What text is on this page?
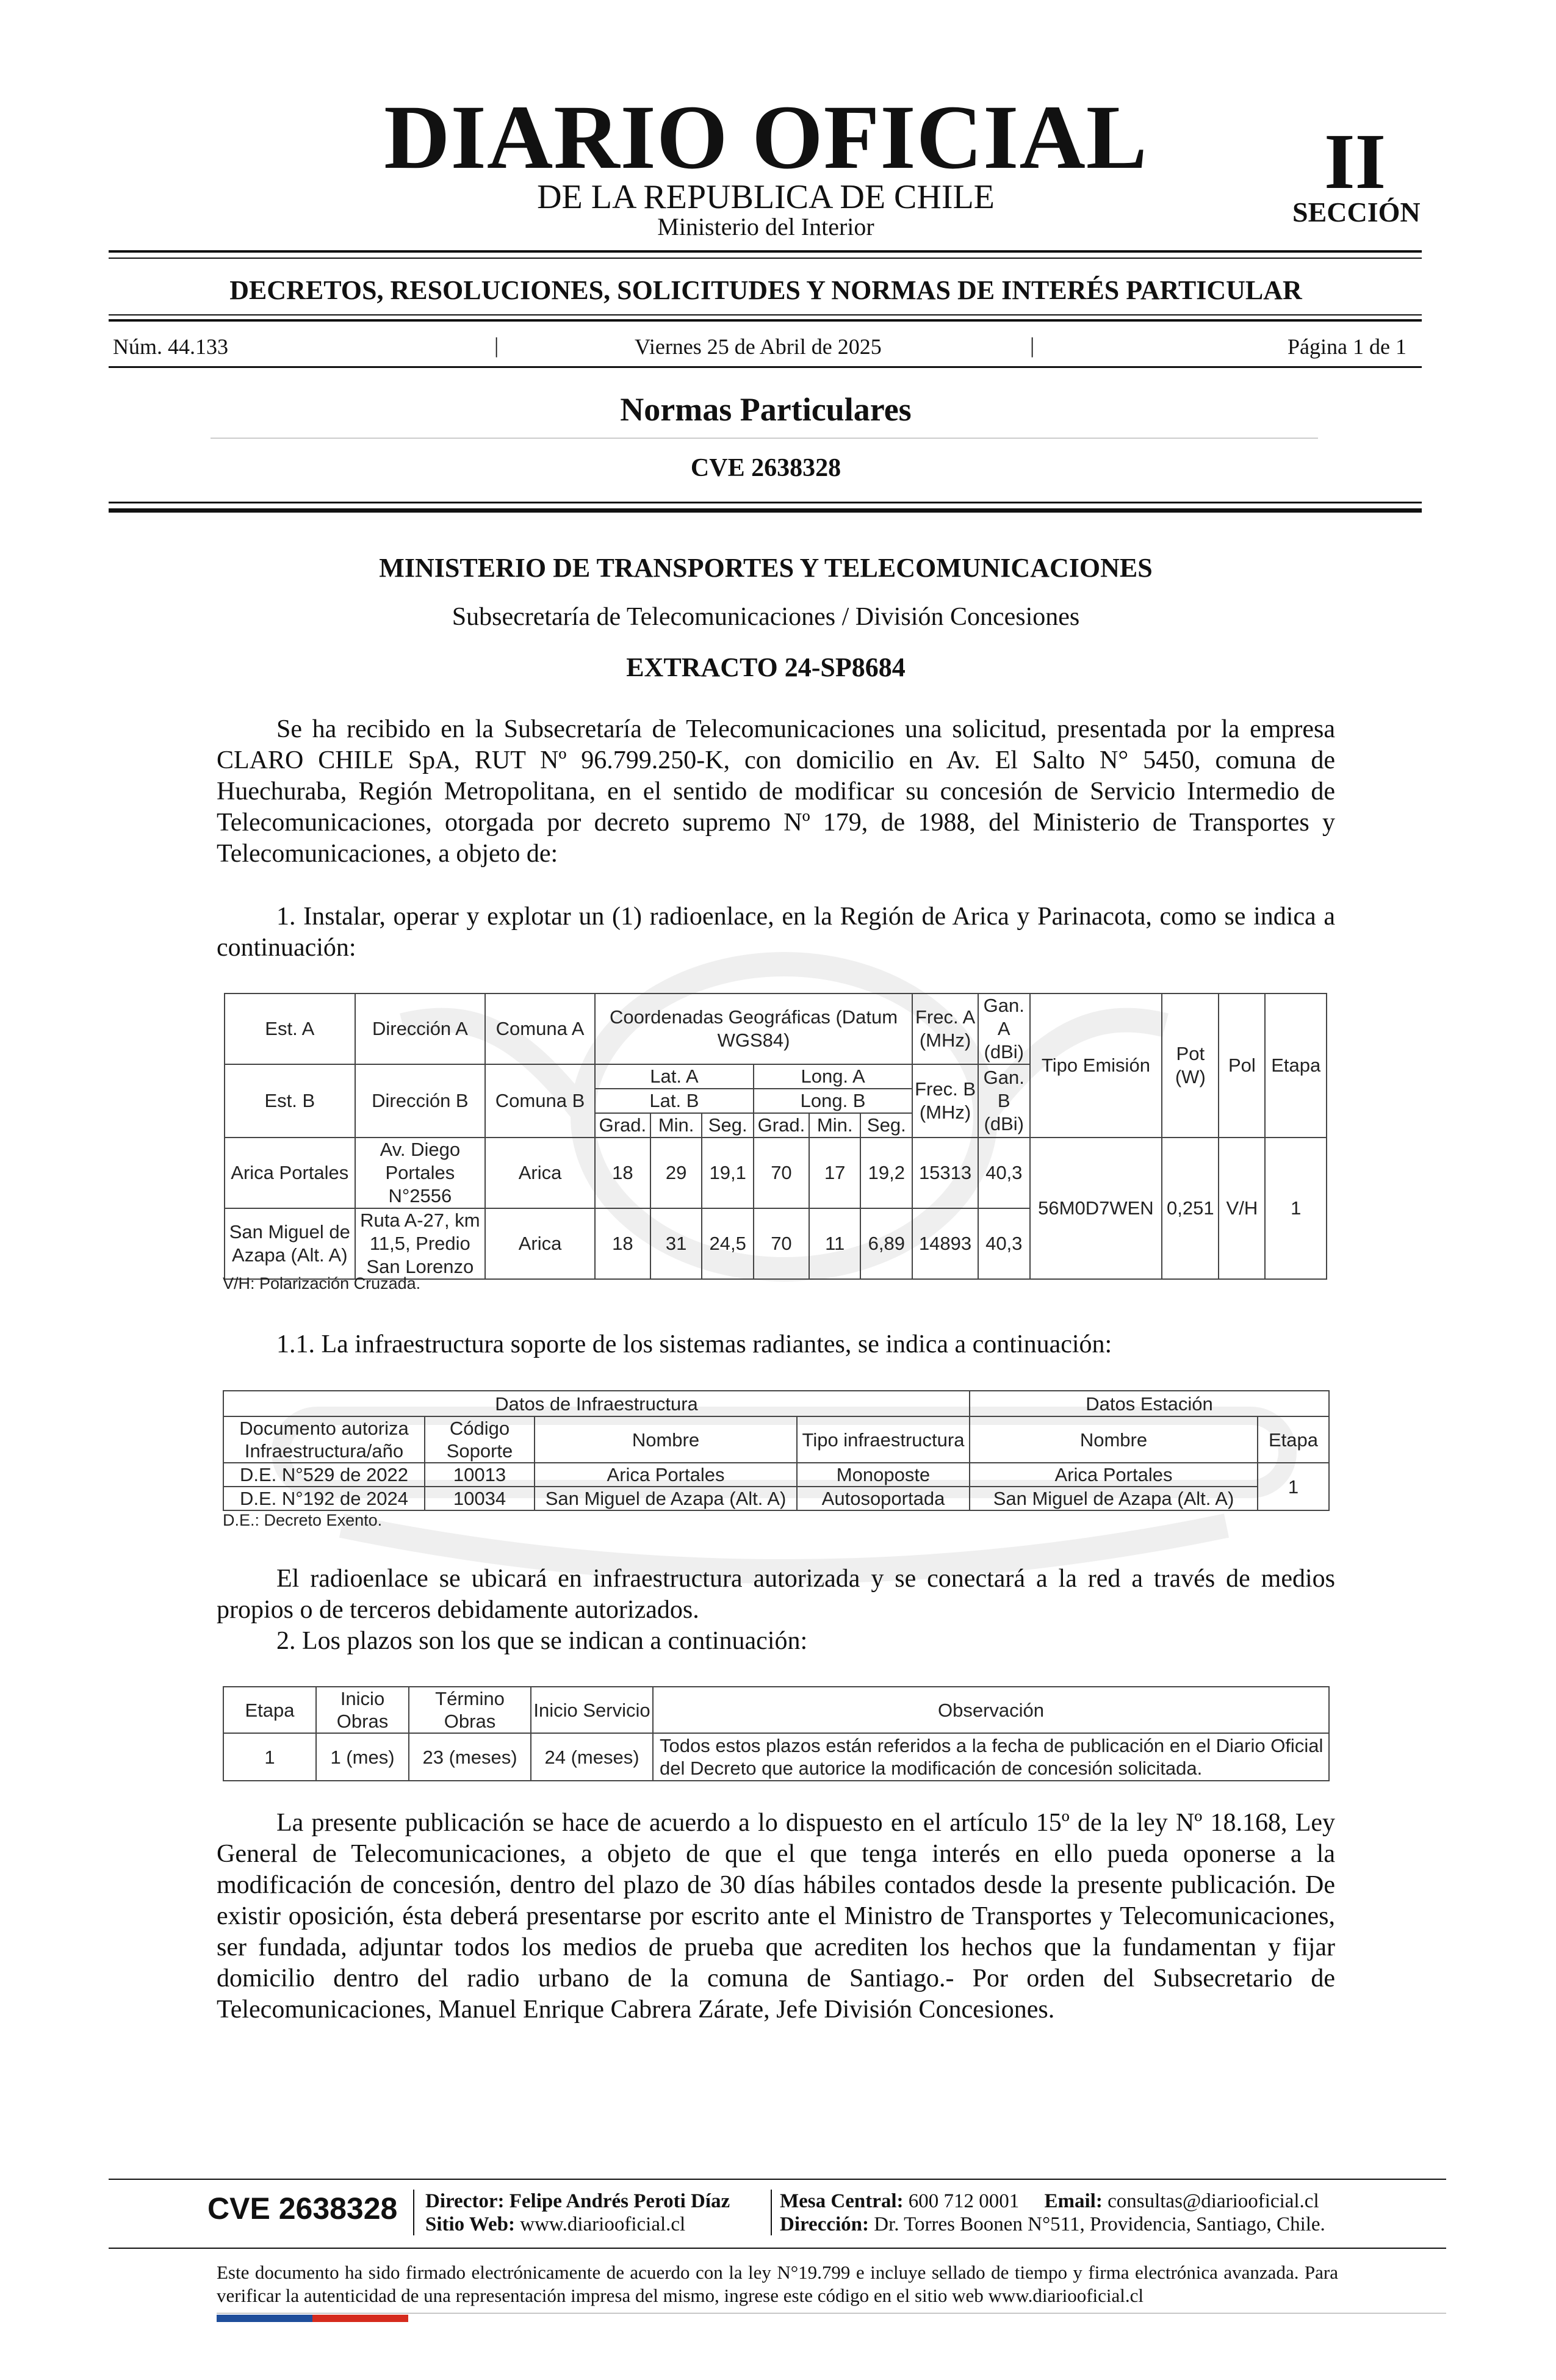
DIARIO OFICIAL
DE LA REPUBLICA DE CHILE
Ministerio del Interior
II
SECCIÓN
DECRETOS, RESOLUCIONES, SOLICITUDES Y NORMAS DE INTERÉS PARTICULAR
Núm. 44.133	|	Viernes 25 de Abril de 2025	|	Página 1 de 1
Normas Particulares
CVE 2638328
MINISTERIO DE TRANSPORTES Y TELECOMUNICACIONES
Subsecretaría de Telecomunicaciones / División Concesiones
EXTRACTO 24-SP8684
Se ha recibido en la Subsecretaría de Telecomunicaciones una solicitud, presentada por la empresa CLARO CHILE SpA, RUT Nº 96.799.250-K, con domicilio en Av. El Salto N° 5450, comuna de Huechuraba, Región Metropolitana, en el sentido de modificar su concesión de Servicio Intermedio de Telecomunicaciones, otorgada por decreto supremo Nº 179, de 1988, del Ministerio de Transportes y Telecomunicaciones, a objeto de:
1. Instalar, operar y explotar un (1) radioenlace, en la Región de Arica y Parinacota, como se indica a continuación:
Est. A	Dirección A	Comuna A	Coordenadas Geográficas (Datum WGS84)						Frec. A (MHz)	Gan. A (dBi)	Tipo Emisión	Pot (W)	Pol	Etapa
Est. B	Dirección B	Comuna B	Lat. A			Long. A			Frec. B (MHz)	Gan. B (dBi)				
			Lat. B			Long. B								
			Grad.	Min.	Seg.	Grad.	Min.	Seg.						
Arica Portales	Av. Diego Portales N°2556	Arica	18	29	19,1	70	17	19,2	15313	40,3	56M0D7WEN	0,251	V/H	1
San Miguel de Azapa (Alt. A)	Ruta A-27, km 11,5, Predio San Lorenzo	Arica	18	31	24,5	70	11	6,89	14893	40,3				
V/H: Polarización Cruzada.
1.1. La infraestructura soporte de los sistemas radiantes, se indica a continuación:
Datos de Infraestructura				Datos Estación	
Documento autoriza Infraestructura/año	Código Soporte	Nombre	Tipo infraestructura	Nombre	Etapa
D.E. N°529 de 2022	10013	Arica Portales	Monoposte	Arica Portales	1
D.E. N°192 de 2024	10034	San Miguel de Azapa (Alt. A)	Autosoportada	San Miguel de Azapa (Alt. A)	
D.E.: Decreto Exento.
El radioenlace se ubicará en infraestructura autorizada y se conectará a la red a través de medios propios o de terceros debidamente autorizados.
2. Los plazos son los que se indican a continuación:
Etapa	Inicio Obras	Término Obras	Inicio Servicio	Observación
1	1 (mes)	23 (meses)	24 (meses)	Todos estos plazos están referidos a la fecha de publicación en el Diario Oficial del Decreto que autorice la modificación de concesión solicitada.
La presente publicación se hace de acuerdo a lo dispuesto en el artículo 15º de la ley Nº 18.168, Ley General de Telecomunicaciones, a objeto de que el que tenga interés en ello pueda oponerse a la modificación de concesión, dentro del plazo de 30 días hábiles contados desde la presente publicación. De existir oposición, ésta deberá presentarse por escrito ante el Ministro de Transportes y Telecomunicaciones, ser fundada, adjuntar todos los medios de prueba que acrediten los hechos que la fundamentan y fijar domicilio dentro del radio urbano de la comuna de Santiago.- Por orden del Subsecretario de Telecomunicaciones, Manuel Enrique Cabrera Zárate, Jefe División Concesiones.
CVE 2638328 Director: Felipe Andrés Peroti Díaz
Sitio Web: www.diariooficial.cl
Mesa Central: 600 712 0001 Email: consultas@diariooficial.cl
Dirección: Dr. Torres Boonen N°511, Providencia, Santiago, Chile.
Este documento ha sido firmado electrónicamente de acuerdo con la ley N°19.799 e incluye sellado de tiempo y firma electrónica avanzada. Para verificar la autenticidad de una representación impresa del mismo, ingrese este código en el sitio web www.diariooficial.cl
